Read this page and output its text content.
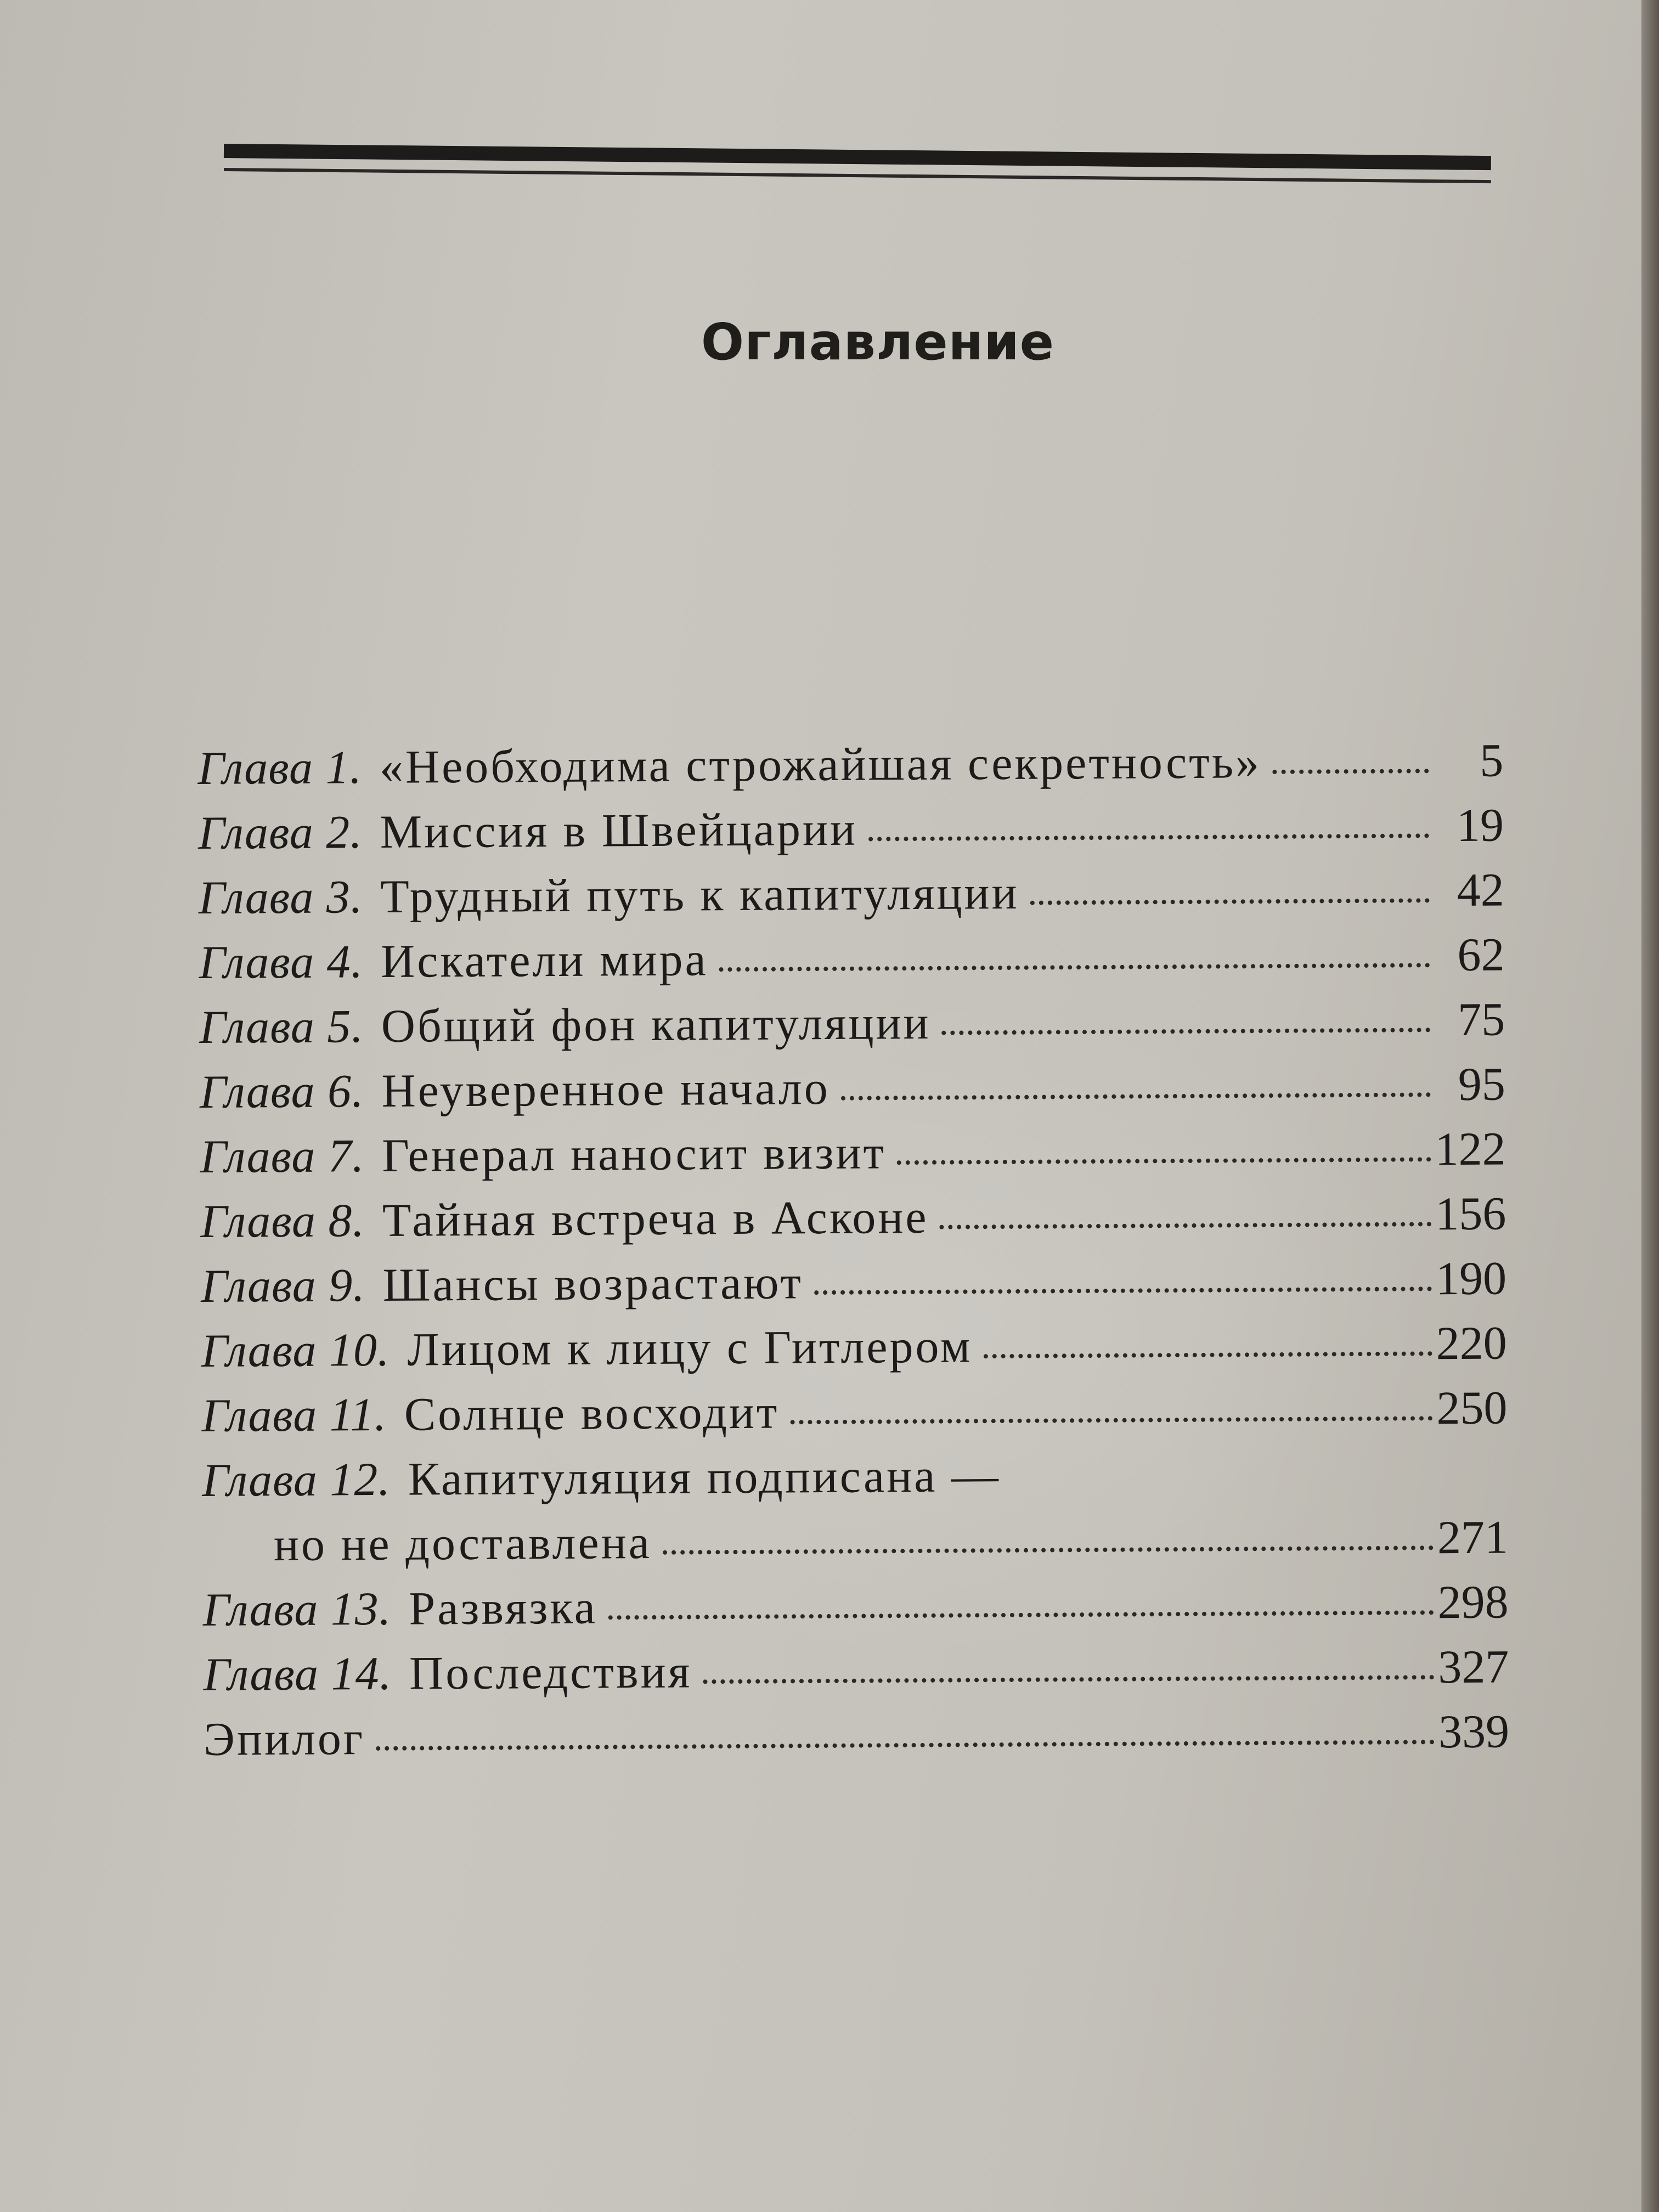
Оглавление
Глава 1. «Необходима строжайшая секретность»	5
Глава 2. Миссия в Швейцарии	19
Глава 3. Трудный путь к капитуляции	42
Глава 4. Искатели мира	62
Глава 5. Общий фон капитуляции	75
Глава 6. Неуверенное начало	95
Глава 7. Генерал наносит визит	122
Глава 8. Тайная встреча в Асконе	156
Глава 9. Шансы возрастают	190
Глава 10. Лицом к лицу с Гитлером	220
Глава 11. Солнце восходит	250
Глава 12. Капитуляция подписана —
но не доставлена	271
Глава 13. Развязка	298
Глава 14. Последствия	327
Эпилог	339
